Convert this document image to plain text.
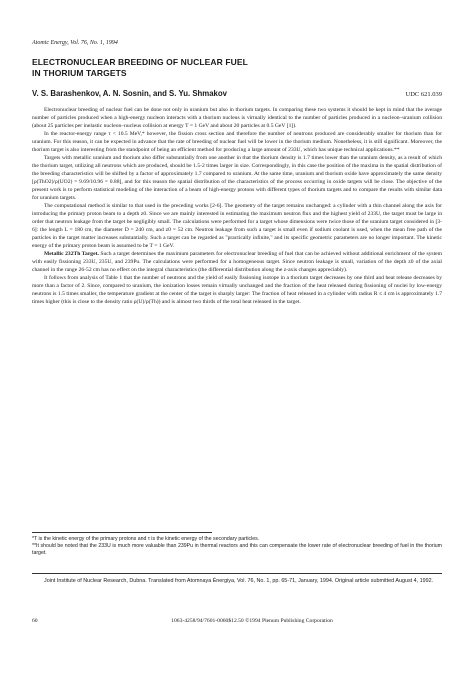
Atomic Energy, Vol. 76, No. 1, 1994
ELECTRONUCLEAR BREEDING OF NUCLEAR FUEL
IN THORIUM TARGETS
V. S. Barashenkov, A. N. Sosnin, and S. Yu. Shmakov	UDC 621.039

Electronuclear breeding of nuclear fuel can be done not only in uranium but also in thorium targets. In comparing these two systems it should be kept in mind that the average number of particles produced when a high-energy nucleon interacts with a thorium nucleus is virtually identical to the number of particles produced in a nucleon–uranium collision (about 25 particles per inelastic nucleon–nucleus collision at energy T = 1 GeV and about 20 particles at 0.5 GeV [1]).

In the reactor-energy range τ < 10.5 MeV,* however, the fission cross section and therefore the number of neutrons produced are considerably smaller for thorium than for uranium. For this reason, it can be expected in advance that the rate of breeding of nuclear fuel will be lower in the thorium medium. Nonetheless, it is still significant. Moreover, the thorium target is also interesting from the standpoint of being an efficient method for producing a large amount of 233U, which has unique technical applications.**

Targets with metallic uranium and thorium also differ substantially from one another in that the thorium density is 1.7 times lower than the uranium density, as a result of which the thorium target, utilizing all neutrons which are produced, should be 1.5-2 times larger in size. Correspondingly, in this case the position of the maxima in the spatial distribution of the breeding characteristics will be shifted by a factor of approximately 1.7 compared to uranium. At the same time, uranium and thorium oxide have approximately the same density [ρ(ThO2)/ρ(UO2) = 9.69/10.96 = 0.88], and for this reason the spatial distribution of the characteristics of the process occurring in oxide targets will be close. The objective of the present work is to perform statistical modeling of the interaction of a beam of high-energy protons with different types of thorium targets and to compare the results with similar data for uranium targets.

The computational method is similar to that used in the preceding works [2-6]. The geometry of the target remains unchanged: a cylinder with a thin channel along the axis for introducing the primary proton beam to a depth z0. Since we are mainly interested in estimating the maximum neutron flux and the highest yield of 233U, the target must be large in order that neutron leakage from the target be negligibly small. The calculations were performed for a target whose dimensions were twice those of the uranium target considered in [3-6]: the length L = 180 cm, the diameter D = 240 cm, and z0 = 52 cm. Neutron leakage from such a target is small even if sodium coolant is used, when the mean free path of the particles in the target matter increases substantially. Such a target can be regarded as "practically infinite," and its specific geometric parameters are no longer important. The kinetic energy of the primary proton beam is assumed to be T = 1 GeV.

Metallic 232Th Target. Such a target determines the maximum parameters for electronuclear breeding of fuel that can be achieved without additional enrichment of the system with easily fissioning 233U, 235U, and 239Pu. The calculations were performed for a homogeneous target. Since neutron leakage is small, variation of the depth z0 of the axial channel in the range 26-52 cm has no effect on the integral characteristics (the differential distribution along the z-axis changes appreciably).

It follows from analysis of Table 1 that the number of neutrons and the yield of easily fissioning isotope in a thorium target decreases by one third and heat release decreases by more than a factor of 2. Since, compared to uranium, the ionization losses remain virtually unchanged and the fraction of the heat released during fissioning of nuclei by low-energy neutrons is 1.5 times smaller, the temperature gradient at the center of the target is sharply larger: The fraction of heat released in a cylinder with radius R ≤ 4 cm is approximately 1.7 times higher (this is close to the density ratio ρ(U)/ρ(Th)) and is almost two thirds of the total heat released in the target.

*T is the kinetic energy of the primary protons and τ is the kinetic energy of the secondary particles.

**It should be noted that the 233U is much more valuable than 239Pu in thermal reactors and this can compensate the lower rate of electronuclear breeding of fuel in the thorium target.

Joint Institute of Nuclear Research, Dubna. Translated from Atomnaya Énergiya, Vol. 76, No. 1, pp. 65-71, January, 1994. Original article submitted August 4, 1992.

60	1063-4258/94/7601-0060$12.50 ©1994 Plenum Publishing Corporation
